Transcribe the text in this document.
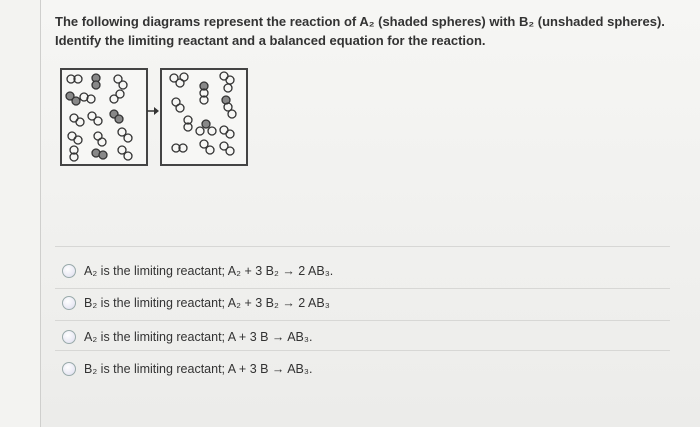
The following diagrams represent the reaction of A₂ (shaded spheres) with B₂ (unshaded spheres).
Identify the limiting reactant and a balanced equation for the reaction.
A₂ is the limiting reactant; A₂ + 3 B₂ → 2 AB₃.
B₂ is the limiting reactant; A₂ + 3 B₂ → 2 AB₃
A₂ is the limiting reactant; A + 3 B → AB₃.
B₂ is the limiting reactant; A + 3 B → AB₃.
